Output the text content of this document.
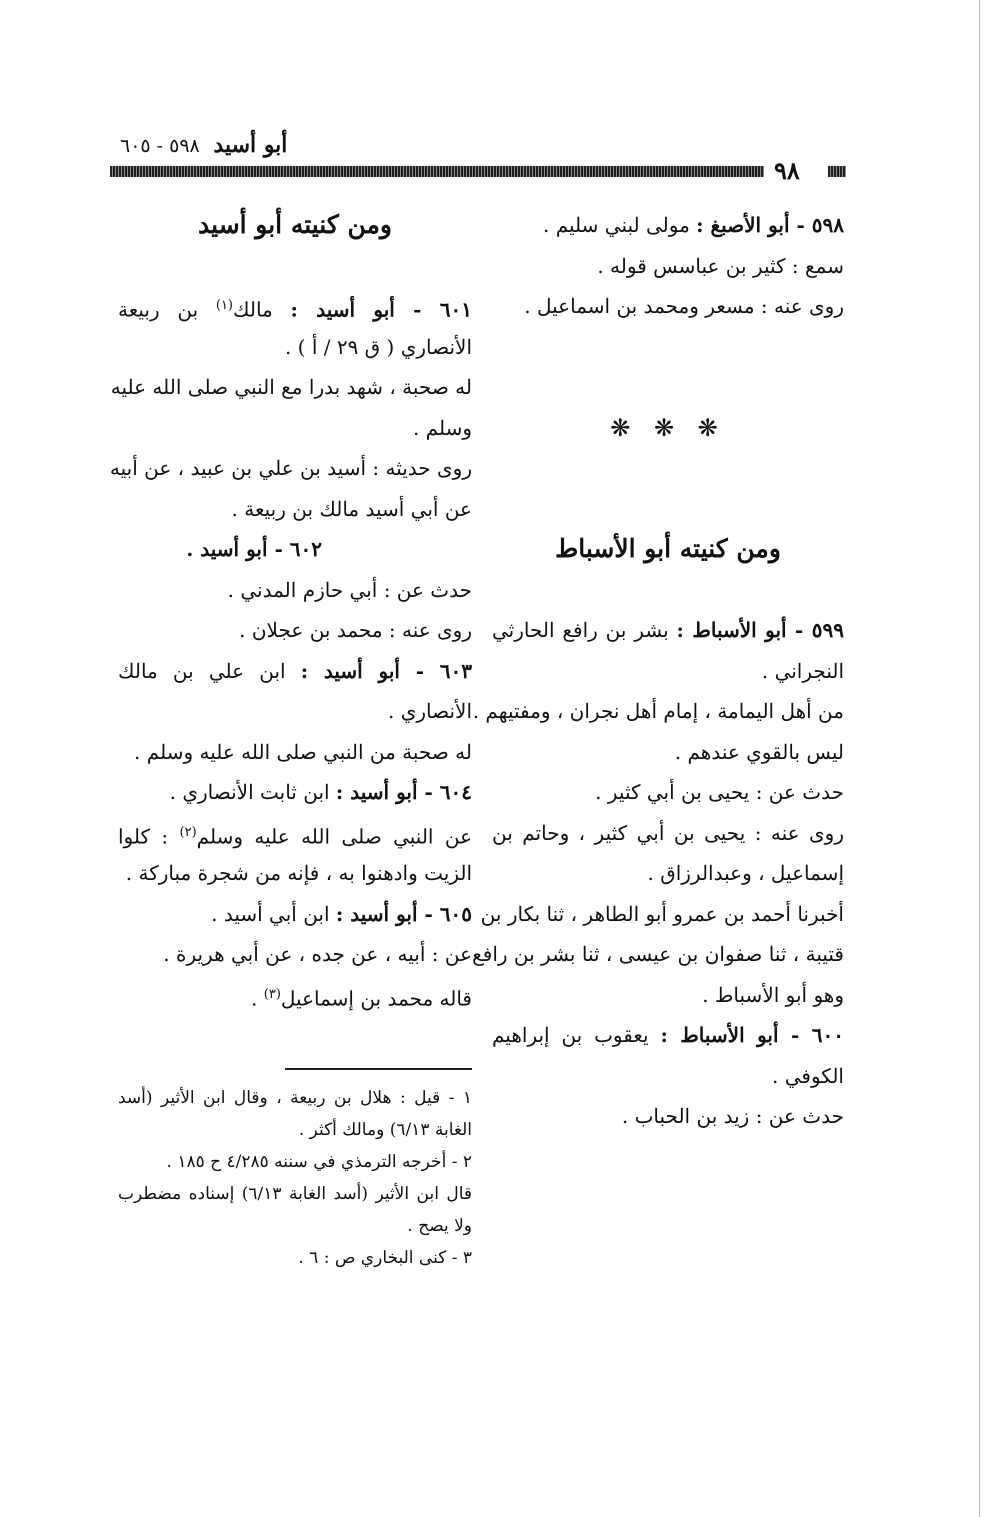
أبو أسيد ٥٩٨ - ٦٠٥
٩٨
٥٩٨ - أبو الأصبغ : مولى لبني سليم .
سمع : كثير بن عباسس قوله .
روى عنه : مسعر ومحمد بن اسماعيل .
❋ ❋ ❋
ومن كنيته أبو الأسباط
٥٩٩ - أبو الأسباط : بشر بن رافع الحارثي
النجراني .
من أهل اليمامة ، إمام أهل نجران ، ومفتيهم .
ليس بالقوي عندهم .
حدث عن : يحيى بن أبي كثير .
روى عنه : يحيى بن أبي كثير ، وحاتم بن
إسماعيل ، وعبدالرزاق .
أخبرنا أحمد بن عمرو أبو الطاهر ، ثنا بكار بن
قتيبة ، ثنا صفوان بن عيسى ، ثنا بشر بن رافع
وهو أبو الأسباط .
٦٠٠ - أبو الأسباط : يعقوب بن إبراهيم
الكوفي .
حدث عن : زيد بن الحباب .
ومن كنيته أبو أسيد
٦٠١ - أبو أسيد : مالك$^{(١)}$ بن ربيعة
الأنصاري ( ق ٢٩ / أ ) .
له صحبة ، شهد بدرا مع النبي صلى الله عليه
وسلم .
روى حديثه : أسيد بن علي بن عبيد ، عن أبيه
عن أبي أسيد مالك بن ربيعة .
٦٠٢ - أبو أسيد .
حدث عن : أبي حازم المدني .
روى عنه : محمد بن عجلان .
٦٠٣ - أبو أسيد : ابن علي بن مالك
الأنصاري .
له صحبة من النبي صلى الله عليه وسلم .
٦٠٤ - أبو أسيد : ابن ثابت الأنصاري .
عن النبي صلى الله عليه وسلم$^{(٢)}$ : كلوا
الزيت وادهنوا به ، فإنه من شجرة مباركة .
٦٠٥ - أبو أسيد : ابن أبي أسيد .
عن : أبيه ، عن جده ، عن أبي هريرة .
قاله محمد بن إسماعيل$^{(٣)}$ .
١ - قيل : هلال بن ربيعة ، وقال ابن الأثير (أسد
الغابة ٦/١٣) ومالك أكثر .
٢ - أخرجه الترمذي في سننه ٤/٢٨٥ ح ١٨٥ .
قال ابن الأثير (أسد الغابة ٦/١٣) إسناده مضطرب
ولا يصح .
٣ - كنى البخاري ص : ٦ .
